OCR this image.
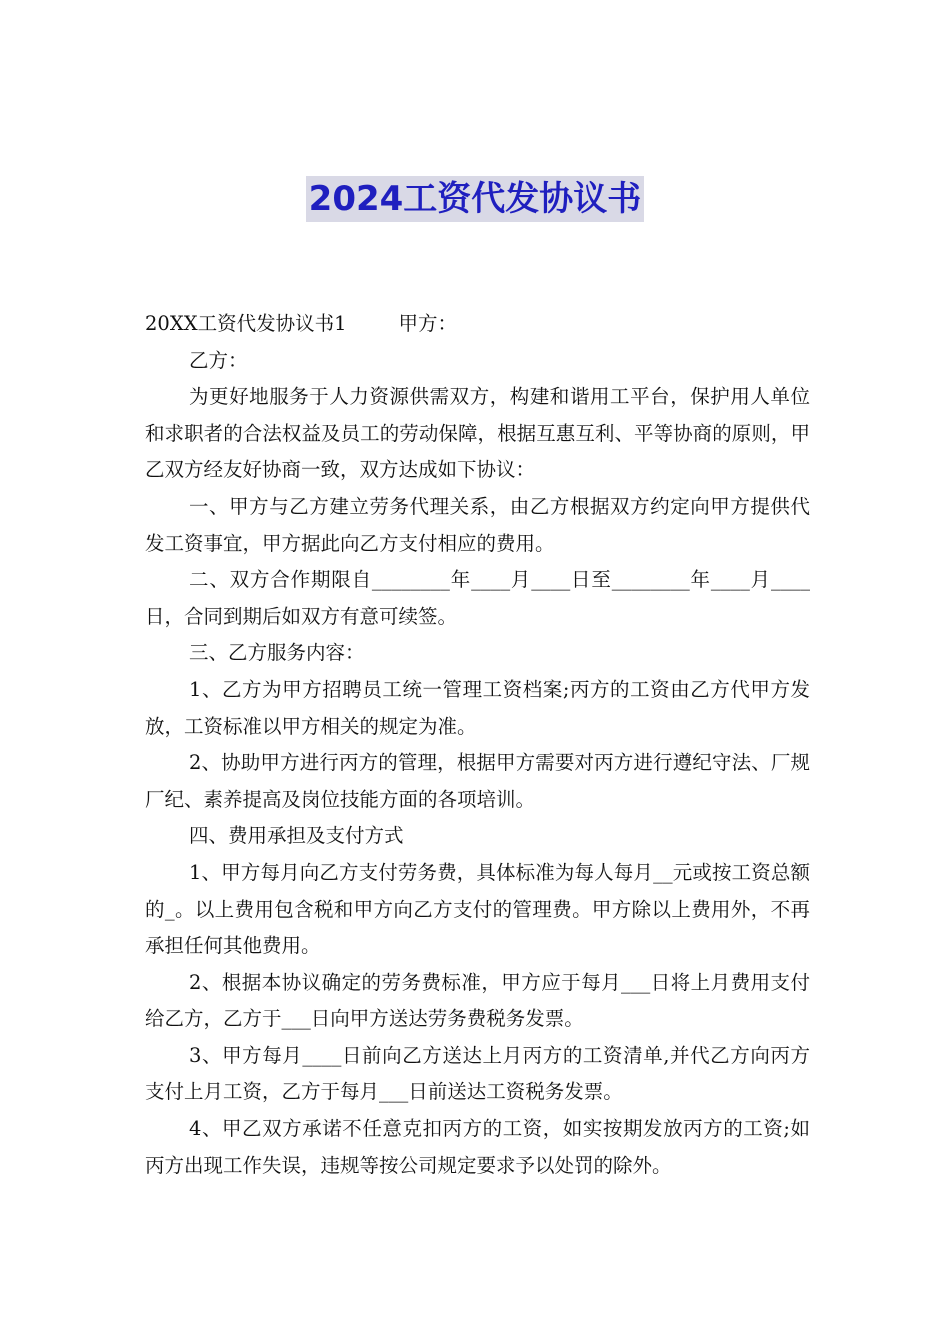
2024工资代发协议书

20XX工资代发协议书1	甲方：

乙方：

为更好地服务于人力资源供需双方，构建和谐用工平台，保护用人单位和求职者的合法权益及员工的劳动保障，根据互惠互利、平等协商的原则，甲乙双方经友好协商一致，双方达成如下协议：

一、甲方与乙方建立劳务代理关系，由乙方根据双方约定向甲方提供代发工资事宜，甲方据此向乙方支付相应的费用。

二、双方合作期限自________年____月____日至________年____月____日，合同到期后如双方有意可续签。

三、乙方服务内容：

1、乙方为甲方招聘员工统一管理工资档案;丙方的工资由乙方代甲方发放，工资标准以甲方相关的规定为准。

2、协助甲方进行丙方的管理，根据甲方需要对丙方进行遵纪守法、厂规厂纪、素养提高及岗位技能方面的各项培训。

四、费用承担及支付方式

1、甲方每月向乙方支付劳务费，具体标准为每人每月__元或按工资总额的_。以上费用包含税和甲方向乙方支付的管理费。甲方除以上费用外，不再承担任何其他费用。

2、根据本协议确定的劳务费标准，甲方应于每月___日将上月费用支付给乙方，乙方于___日向甲方送达劳务费税务发票。

3、甲方每月____日前向乙方送达上月丙方的工资清单,并代乙方向丙方支付上月工资，乙方于每月___日前送达工资税务发票。

4、甲乙双方承诺不任意克扣丙方的工资，如实按期发放丙方的工资;如丙方出现工作失误，违规等按公司规定要求予以处罚的除外。
